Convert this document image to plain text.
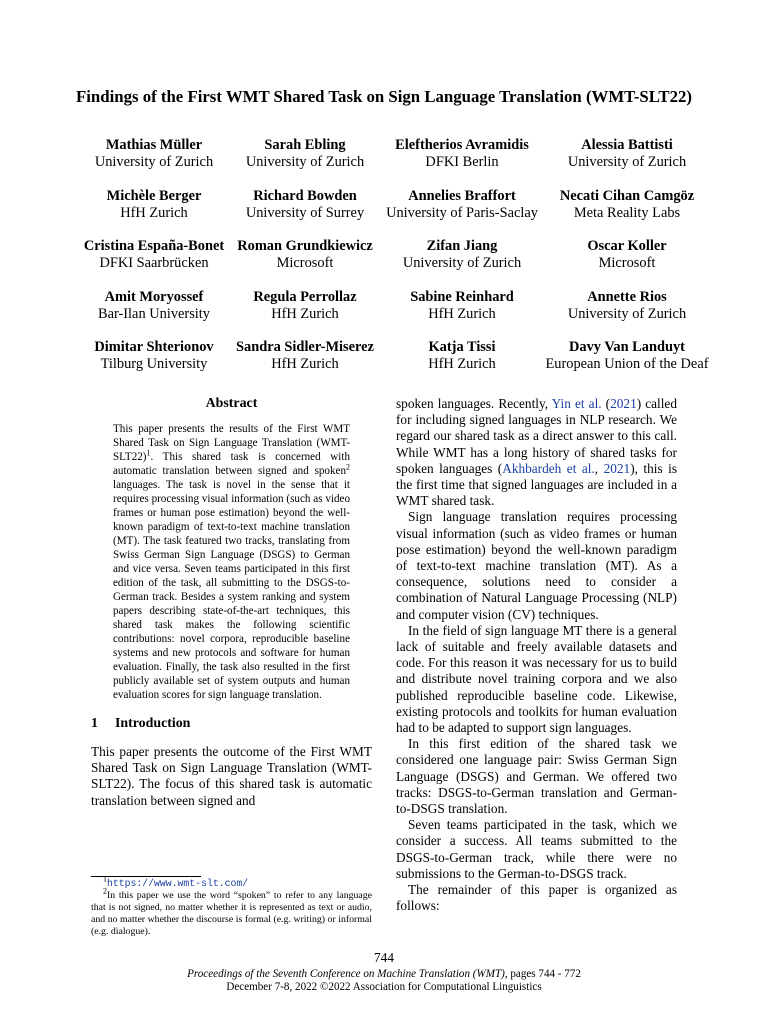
Findings of the First WMT Shared Task on Sign Language Translation (WMT-SLT22)
Mathias Müller
University of Zurich
Sarah Ebling
University of Zurich
Eleftherios Avramidis
DFKI Berlin
Alessia Battisti
University of Zurich
Michèle Berger
HfH Zurich
Richard Bowden
University of Surrey
Annelies Braffort
University of Paris-Saclay
Necati Cihan Camgöz
Meta Reality Labs
Cristina España-Bonet
DFKI Saarbrücken
Roman Grundkiewicz
Microsoft
Zifan Jiang
University of Zurich
Oscar Koller
Microsoft
Amit Moryossef
Bar-Ilan University
Regula Perrollaz
HfH Zurich
Sabine Reinhard
HfH Zurich
Annette Rios
University of Zurich
Dimitar Shterionov
Tilburg University
Sandra Sidler-Miserez
HfH Zurich
Katja Tissi
HfH Zurich
Davy Van Landuyt
European Union of the Deaf
Abstract

This paper presents the results of the First WMT Shared Task on Sign Language Translation $(WMT-SLT22)^1$. This shared task is concerned with automatic translation between signed and spoken$^2$ languages. The task is novel in the sense that it requires processing visual information (such as video frames or human pose estimation) beyond the well-known paradigm of text-to-text machine translation (MT). The task featured two tracks, translating from Swiss German Sign Language (DSGS) to German and vice versa. Seven teams participated in this first edition of the task, all submitting to the DSGS-to-German track. Besides a system ranking and system papers describing state-of-the-art techniques, this shared task makes the following scientific contributions: novel corpora, reproducible baseline systems and new protocols and software for human evaluation. Finally, the task also resulted in the first publicly available set of system outputs and human evaluation scores for sign language translation.

1 Introduction

This paper presents the outcome of the First WMT Shared Task on Sign Language Translation (WMT-SLT22). The focus of this shared task is automatic translation between signed and

spoken languages. Recently, Yin et al. (2021) called for including signed languages in NLP research. We regard our shared task as a direct answer to this call. While WMT has a long history of shared tasks for spoken languages (Akhbardeh et al., 2021), this is the first time that signed languages are included in a WMT shared task.

Sign language translation requires processing visual information (such as video frames or human pose estimation) beyond the well-known paradigm of text-to-text machine translation (MT). As a consequence, solutions need to consider a combination of Natural Language Processing (NLP) and computer vision (CV) techniques.

In the field of sign language MT there is a general lack of suitable and freely available datasets and code. For this reason it was necessary for us to build and distribute novel training corpora and we also published reproducible baseline code. Likewise, existing protocols and toolkits for human evaluation had to be adapted to support sign languages.

In this first edition of the shared task we considered one language pair: Swiss German Sign Language (DSGS) and German. We offered two tracks: DSGS-to-German translation and German-to-DSGS translation.

Seven teams participated in the task, which we consider a success. All teams submitted to the DSGS-to-German track, while there were no submissions to the German-to-DSGS track.

The remainder of this paper is organized as follows:

$^1$https://www.wmt-slt.com/

$^2$In this paper we use the word “spoken” to refer to any language that is not signed, no matter whether it is represented as text or audio, and no matter whether the discourse is formal (e.g. writing) or informal (e.g. dialogue).

744
Proceedings of the Seventh Conference on Machine Translation (WMT), pages 744 - 772
December 7-8, 2022 ©2022 Association for Computational Linguistics
